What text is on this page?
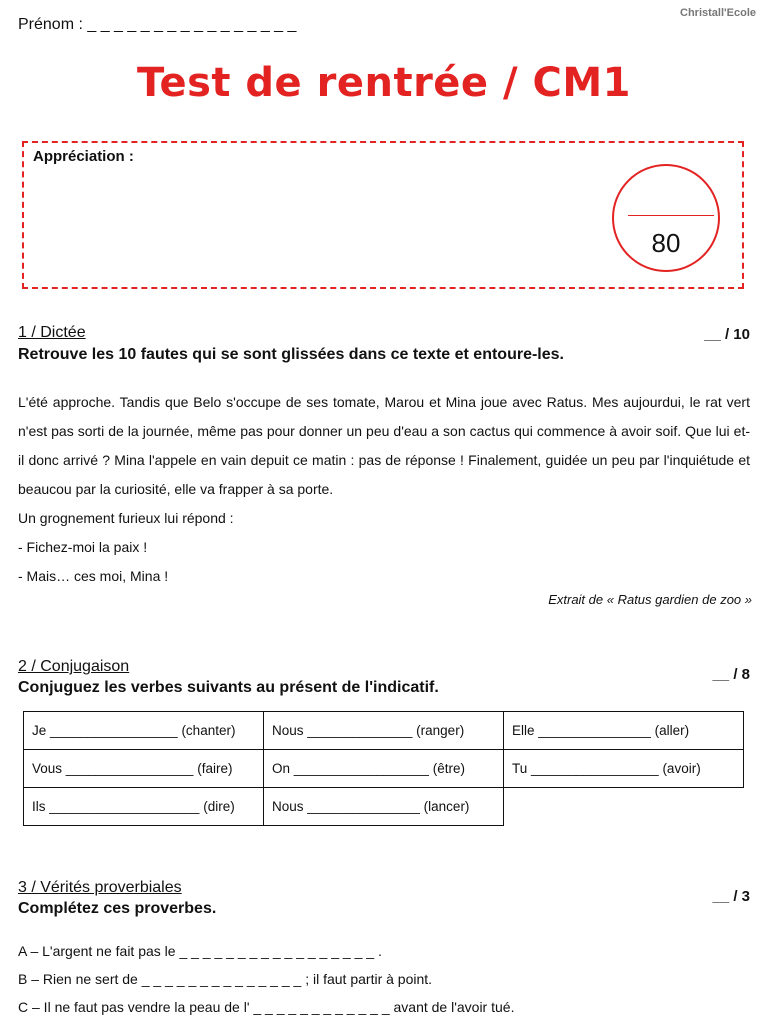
Prénom : _ _ _ _ _ _ _ _ _ _ _ _ _ _ _ _
Christall'Ecole
Test de rentrée / CM1
Appréciation :
80
1 / Dictée	__ / 10
Retrouve les 10 fautes qui se sont glissées dans ce texte et entoure-les.

L'été approche. Tandis que Belo s'occupe de ses tomate, Marou et Mina joue avec Ratus. Mes aujourdui, le rat vert n'est pas sorti de la journée, même pas pour donner un peu d'eau a son cactus qui commence à avoir soif. Que lui et-il donc arrivé ? Mina l'appele en vain depuit ce matin : pas de réponse ! Finalement, guidée un peu par l'inquiétude et beaucou par la curiosité, elle va frapper à sa porte.

Un grognement furieux lui répond :

- Fichez-moi la paix !

- Mais… ces moi, Mina !

Extrait de « Ratus gardien de zoo »
2 / Conjugaison	__ / 8
Conjuguez les verbes suivants au présent de l'indicatif.
Je _________________ (chanter)	Nous ______________ (ranger)	Elle _______________ (aller)
Vous _________________ (faire)	On __________________ (être)	Tu _________________ (avoir)
Ils ____________________ (dire)	Nous _______________ (lancer)	
3 / Vérités proverbiales
__ / 3
Complétez ces proverbes.
A – L'argent ne fait pas le _ _ _ _ _ _ _ _ _ _ _ _ _ _ _ _ _ .
B – Rien ne sert de _ _ _ _ _ _ _ _ _ _ _ _ _ _ ; il faut partir à point.
C – Il ne faut pas vendre la peau de l' _ _ _ _ _ _ _ _ _ _ _ _ avant de l'avoir tué.
